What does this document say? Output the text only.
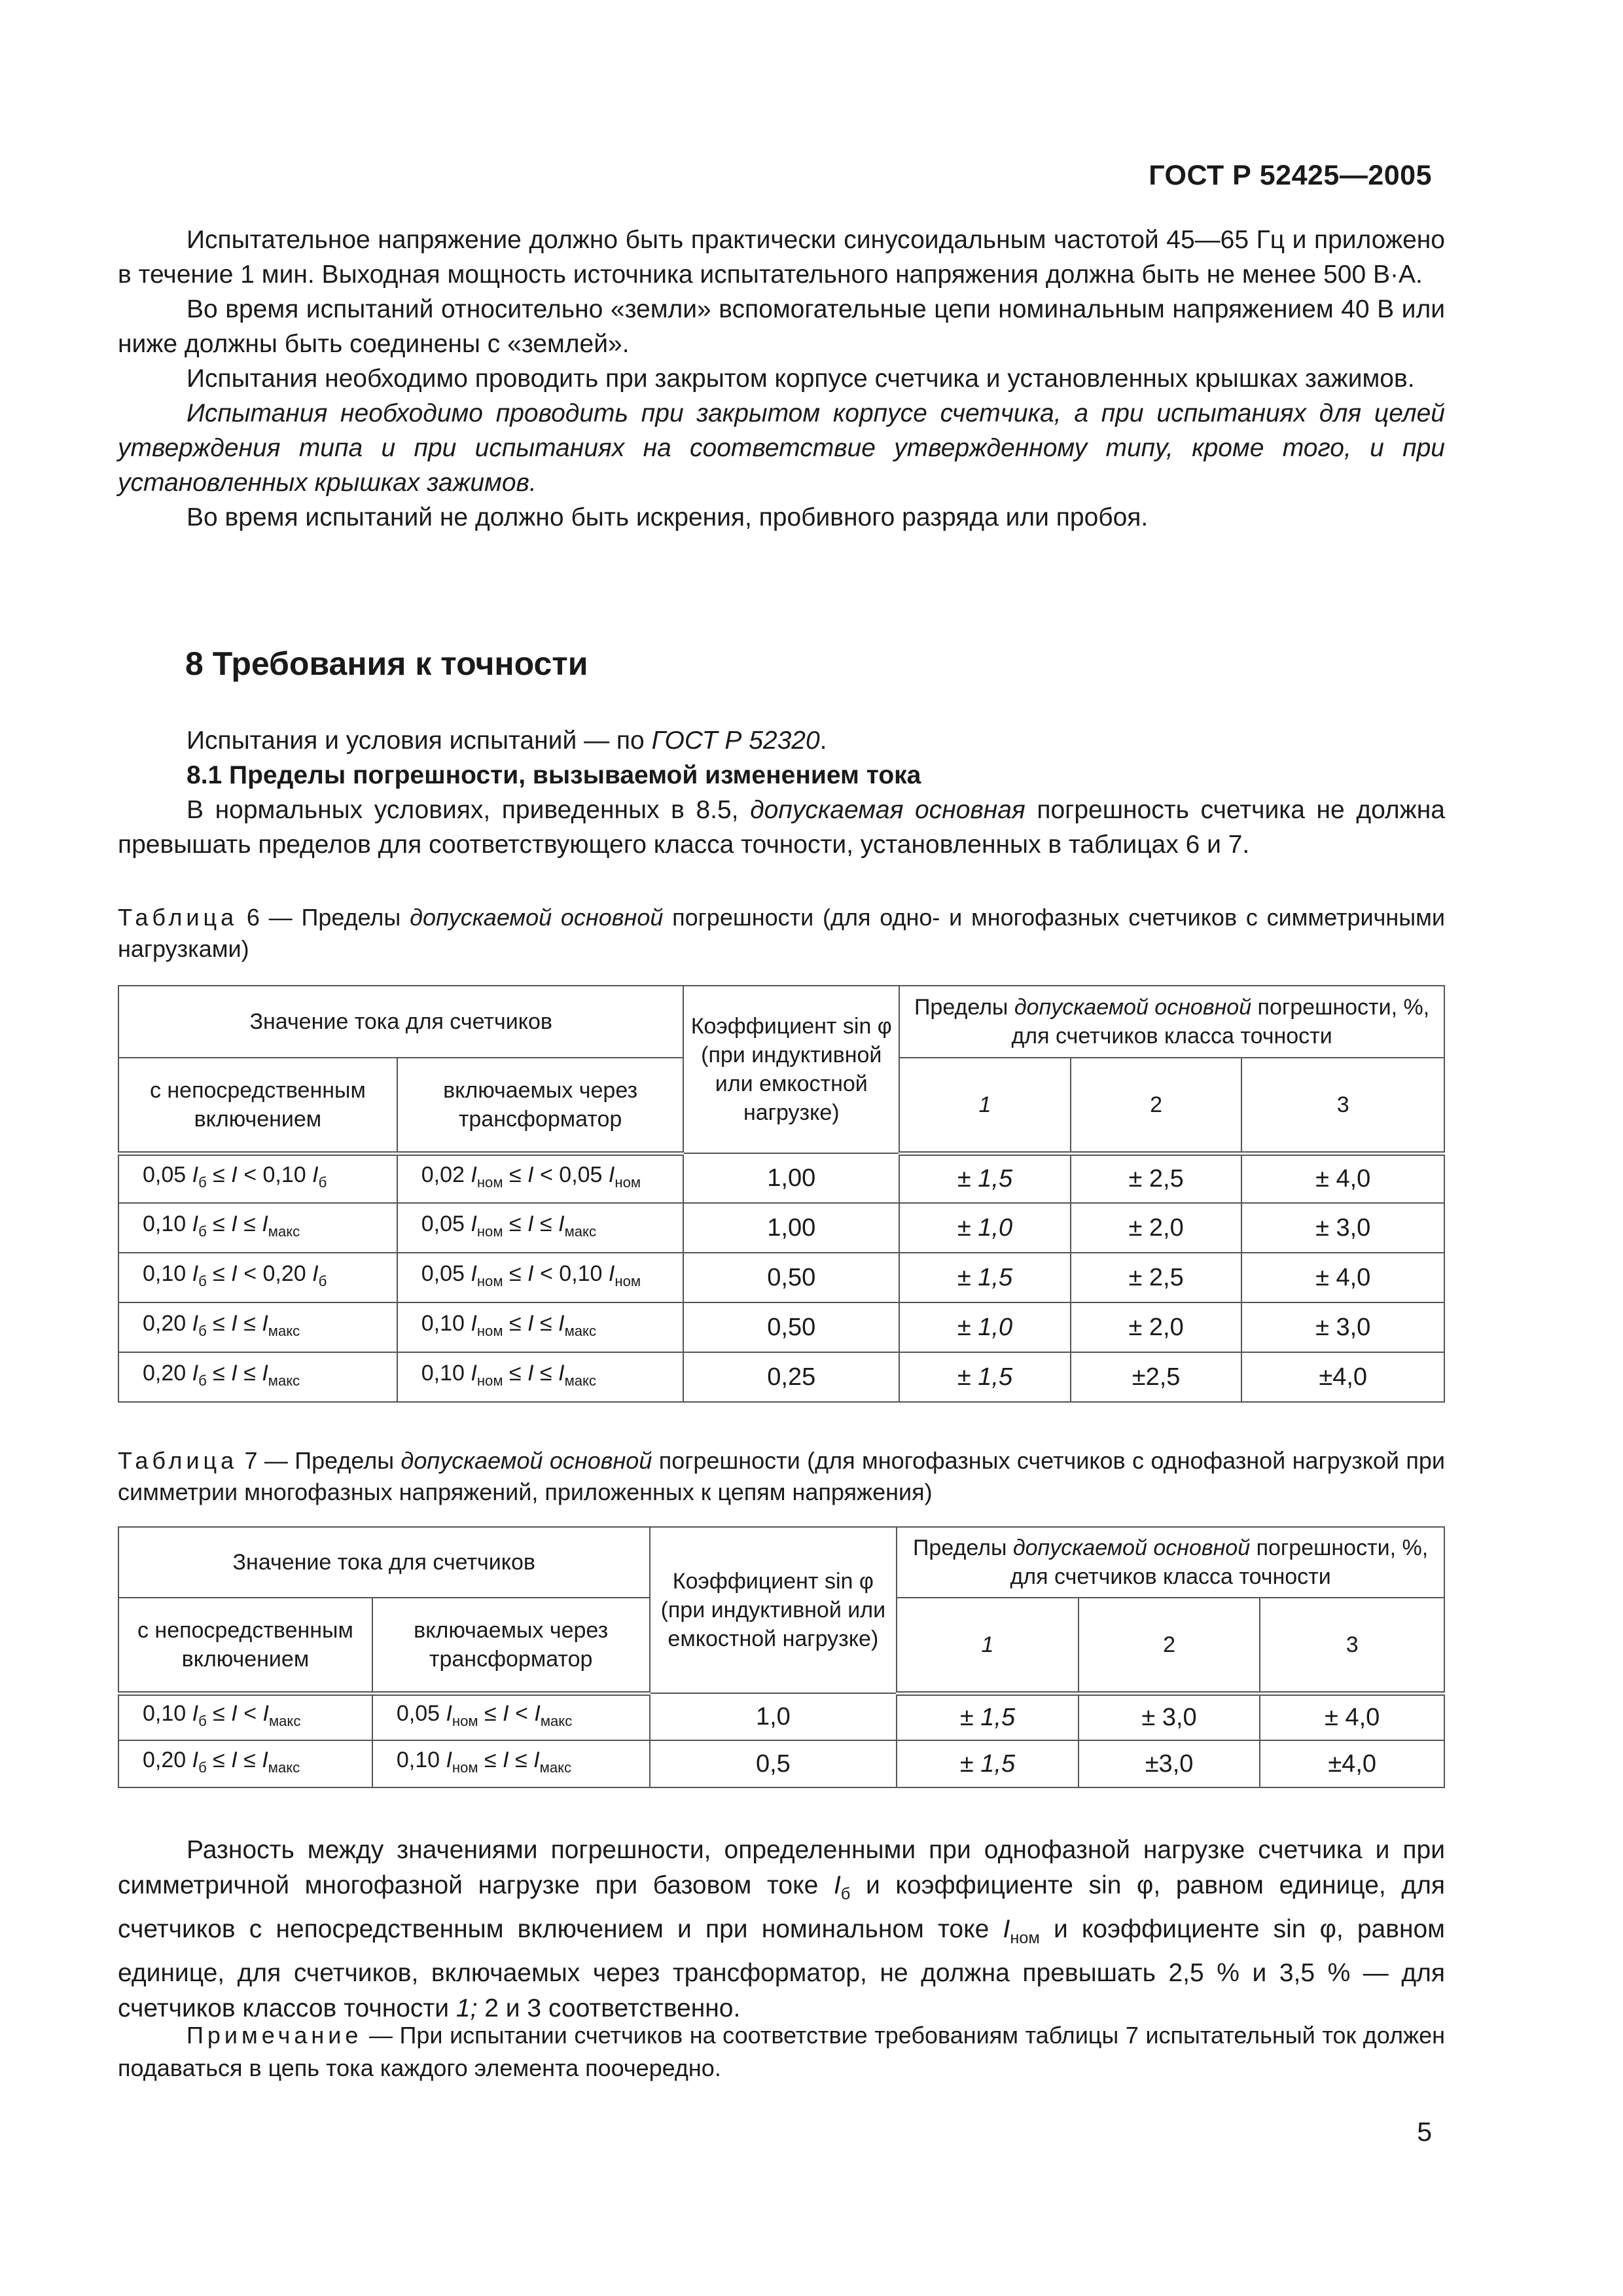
ГОСТ Р 52425—2005

Испытательное напряжение должно быть практически синусоидальным частотой 45—65 Гц и приложено в течение 1 мин. Выходная мощность источника испытательного напряжения должна быть не менее 500 В·А.

Во время испытаний относительно «земли» вспомогательные цепи номинальным напряжением 40 В или ниже должны быть соединены с «землей».

Испытания необходимо проводить при закрытом корпусе счетчика и установленных крышках зажимов.

Испытания необходимо проводить при закрытом корпусе счетчика, а при испытаниях для целей утверждения типа и при испытаниях на соответствие утвержденному типу, кроме того, и при установленных крышках зажимов.

Во время испытаний не должно быть искрения, пробивного разряда или пробоя.

8 Требования к точности

Испытания и условия испытаний — по ГОСТ Р 52320.

8.1 Пределы погрешности, вызываемой изменением тока

В нормальных условиях, приведенных в 8.5, допускаемая основная погрешность счетчика не должна превышать пределов для соответствующего класса точности, установленных в таблицах 6 и 7.

Таблица 6 — Пределы допускаемой основной погрешности (для одно- и многофазных счетчиков с симметричными нагрузками)
Значение тока для счетчиков		Коэффициент sin φ (при индуктивной или емкостной нагрузке)	Пределы допускаемой основной погрешности, %, для счетчиков класса точности		
с непосредственным включением	включаемых через трансформатор		1	2	3
0,05 $I_б \le I < 0,10$ $I_б$	0,02 $I_{ном} \le I < 0,05$ $I_{ном}$	1,00	± 1,5	± 2,5	± 4,0
0,10 $I_б \le I \le I_{макс}$	0,05 $I_{ном} \le I \le I_{макс}$	1,00	± 1,0	± 2,0	± 3,0
0,10 $I_б \le I < 0,20$ $I_б$	0,05 $I_{ном} \le I < 0,10$ $I_{ном}$	0,50	± 1,5	± 2,5	± 4,0
0,20 $I_б \le I \le I_{макс}$	0,10 $I_{ном} \le I \le I_{макс}$	0,50	± 1,0	± 2,0	± 3,0
0,20 $I_б \le I \le I_{макс}$	0,10 $I_{ном} \le I \le I_{макс}$	0,25	± 1,5	±2,5	±4,0
Таблица 7 — Пределы допускаемой основной погрешности (для многофазных счетчиков с однофазной нагрузкой при симметрии многофазных напряжений, приложенных к цепям напряжения)
Значение тока для счетчиков		Коэффициент sin φ (при индуктивной или емкостной нагрузке)	Пределы допускаемой основной погрешности, %, для счетчиков класса точности		
с непосредственным включением	включаемых через трансформатор		1	2	3
0,10 $I_б \le I < I_{макс}$	0,05 $I_{ном} \le I < I_{макс}$	1,0	± 1,5	± 3,0	± 4,0
0,20 $I_б \le I \le I_{макс}$	0,10 $I_{ном} \le I \le I_{макс}$	0,5	± 1,5	±3,0	±4,0

Разность между значениями погрешности, определенными при однофазной нагрузке счетчика и при симметричной многофазной нагрузке при базовом токе $I_б$ и коэффициенте sin φ, равном единице, для счетчиков с непосредственным включением и при номинальном токе $I_{ном}$ и коэффициенте sin φ, равном единице, для счетчиков, включаемых через трансформатор, не должна превышать 2,5 % и 3,5 % — для счетчиков классов точности 1; 2 и 3 соответственно.

Примечание — При испытании счетчиков на соответствие требованиям таблицы 7 испытательный ток должен подаваться в цепь тока каждого элемента поочередно.
5
